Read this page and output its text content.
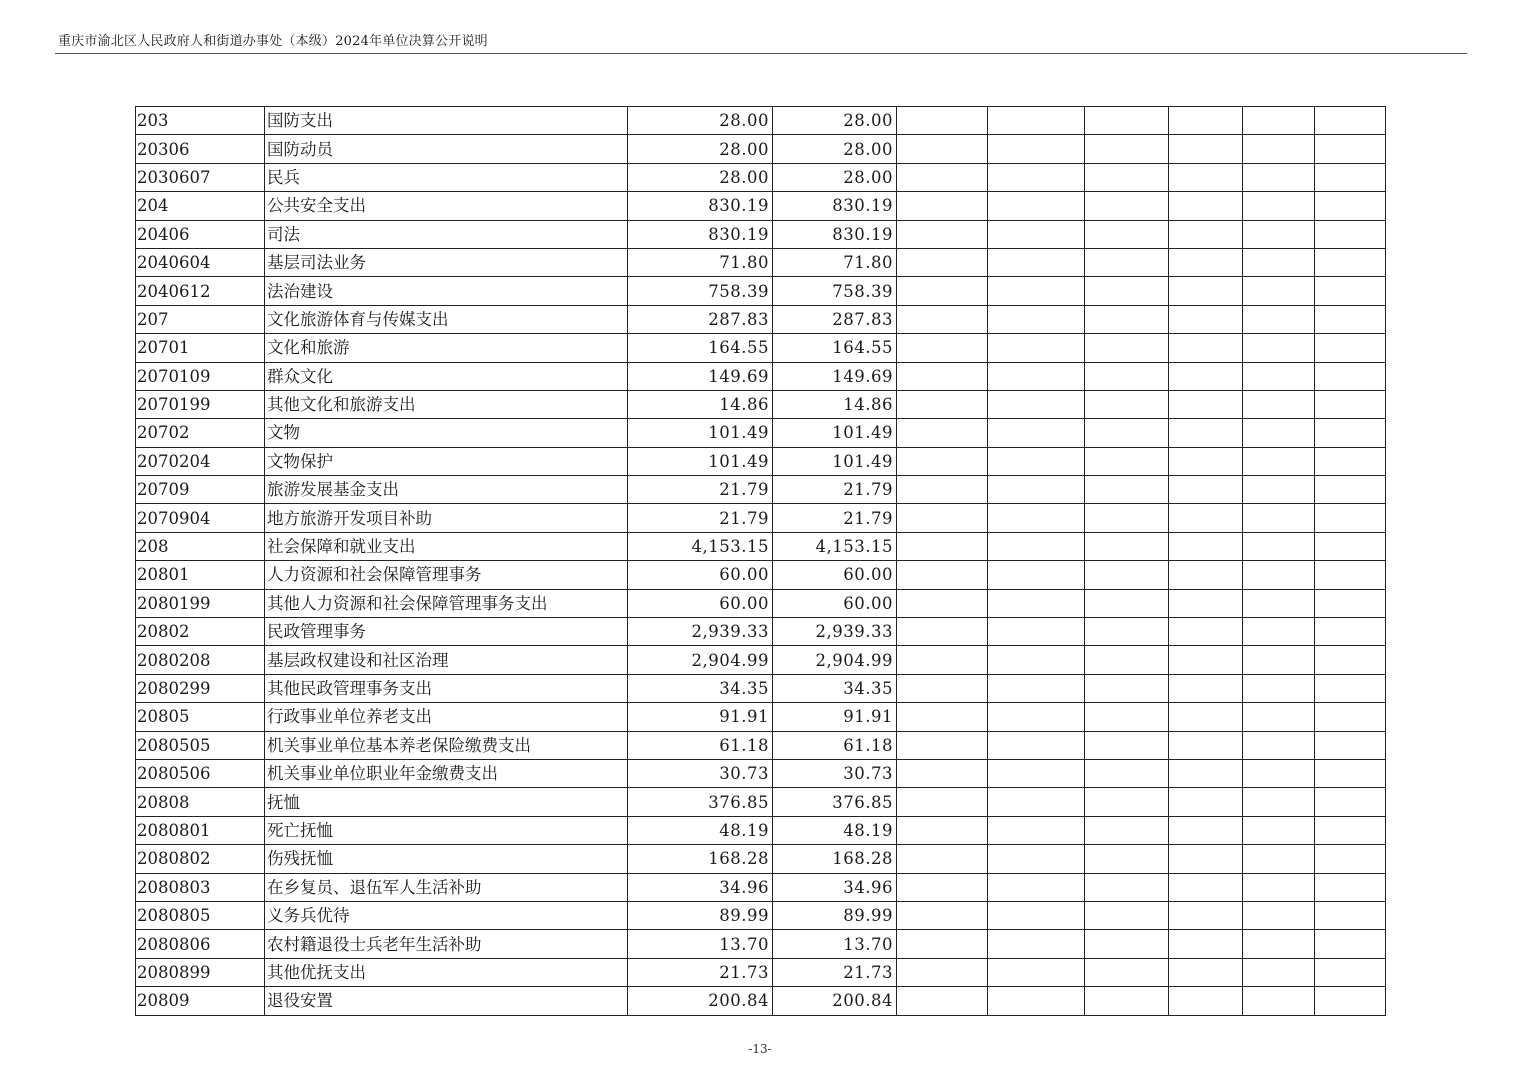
重庆市渝北区人民政府人和街道办事处（本级）2024年单位决算公开说明
203	国防支出	28.00	28.00						
20306	国防动员	28.00	28.00						
2030607	民兵	28.00	28.00						
204	公共安全支出	830.19	830.19						
20406	司法	830.19	830.19						
2040604	基层司法业务	71.80	71.80						
2040612	法治建设	758.39	758.39						
207	文化旅游体育与传媒支出	287.83	287.83						
20701	文化和旅游	164.55	164.55						
2070109	群众文化	149.69	149.69						
2070199	其他文化和旅游支出	14.86	14.86						
20702	文物	101.49	101.49						
2070204	文物保护	101.49	101.49						
20709	旅游发展基金支出	21.79	21.79						
2070904	地方旅游开发项目补助	21.79	21.79						
208	社会保障和就业支出	4,153.15	4,153.15						
20801	人力资源和社会保障管理事务	60.00	60.00						
2080199	其他人力资源和社会保障管理事务支出	60.00	60.00						
20802	民政管理事务	2,939.33	2,939.33						
2080208	基层政权建设和社区治理	2,904.99	2,904.99						
2080299	其他民政管理事务支出	34.35	34.35						
20805	行政事业单位养老支出	91.91	91.91						
2080505	机关事业单位基本养老保险缴费支出	61.18	61.18						
2080506	机关事业单位职业年金缴费支出	30.73	30.73						
20808	抚恤	376.85	376.85						
2080801	死亡抚恤	48.19	48.19						
2080802	伤残抚恤	168.28	168.28						
2080803	在乡复员、退伍军人生活补助	34.96	34.96						
2080805	义务兵优待	89.99	89.99						
2080806	农村籍退役士兵老年生活补助	13.70	13.70						
2080899	其他优抚支出	21.73	21.73						
20809	退役安置	200.84	200.84						
-13-
